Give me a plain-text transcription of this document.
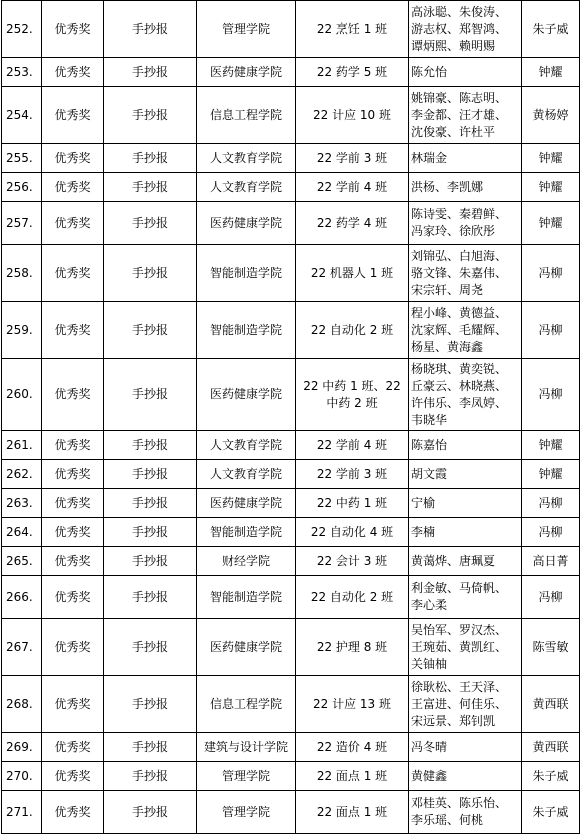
252.	优秀奖	手抄报	管理学院	22 烹饪 1 班	高泳聪、朱俊涛、
游志权、郑智鸿、
谭炳熙、赖明赐	朱子威
253.	优秀奖	手抄报	医药健康学院	22 药学 5 班	陈允怡	钟耀
254.	优秀奖	手抄报	信息工程学院	22 计应 10 班	姚锦豪、陈志明、
李金都、汪才雄、
沈俊豪、许杜平	黄杨婷
255.	优秀奖	手抄报	人文教育学院	22 学前 3 班	林瑞金	钟耀
256.	优秀奖	手抄报	人文教育学院	22 学前 4 班	洪杨、李凯娜	钟耀
257.	优秀奖	手抄报	医药健康学院	22 药学 4 班	陈诗雯、秦碧鲜、
冯家玲、徐欣彤	钟耀
258.	优秀奖	手抄报	智能制造学院	22 机器人 1 班	刘锦弘、白旭海、
骆文锋、朱嘉伟、
宋宗轩、周尧	冯柳
259.	优秀奖	手抄报	智能制造学院	22 自动化 2 班	程小峰、黄德益、
沈家辉、毛耀辉、
杨星、黄海鑫	冯柳
260.	优秀奖	手抄报	医药健康学院	22 中药 1 班、22
中药 2 班	杨晓琪、黄奕锐、
丘豪云、林晓燕、
许伟乐、李凤婷、
韦晓华	冯柳
261.	优秀奖	手抄报	人文教育学院	22 学前 4 班	陈嘉怡	钟耀
262.	优秀奖	手抄报	人文教育学院	22 学前 3 班	胡文霞	钟耀
263.	优秀奖	手抄报	医药健康学院	22 中药 1 班	宁榆	冯柳
264.	优秀奖	手抄报	智能制造学院	22 自动化 4 班	李楠	冯柳
265.	优秀奖	手抄报	财经学院	22 会计 3 班	黄蔼烨、唐珮夏	高日菁
266.	优秀奖	手抄报	智能制造学院	22 自动化 2 班	利金敏、马倚帆、
李心柔	冯柳
267.	优秀奖	手抄报	医药健康学院	22 护理 8 班	吴怡军、罗汉杰、
王琬茹、黄凯红、
关铀柚	陈雪敏
268.	优秀奖	手抄报	信息工程学院	22 计应 13 班	徐耿松、王天泽、
王富进、何佳乐、
宋远景、郑钊凯	黄西联
269.	优秀奖	手抄报	建筑与设计学院	22 造价 4 班	冯冬晴	黄西联
270.	优秀奖	手抄报	管理学院	22 面点 1 班	黄健鑫	朱子威
271.	优秀奖	手抄报	管理学院	22 面点 1 班	邓桂英、陈乐怡、
李乐瑶、何桃	朱子威
